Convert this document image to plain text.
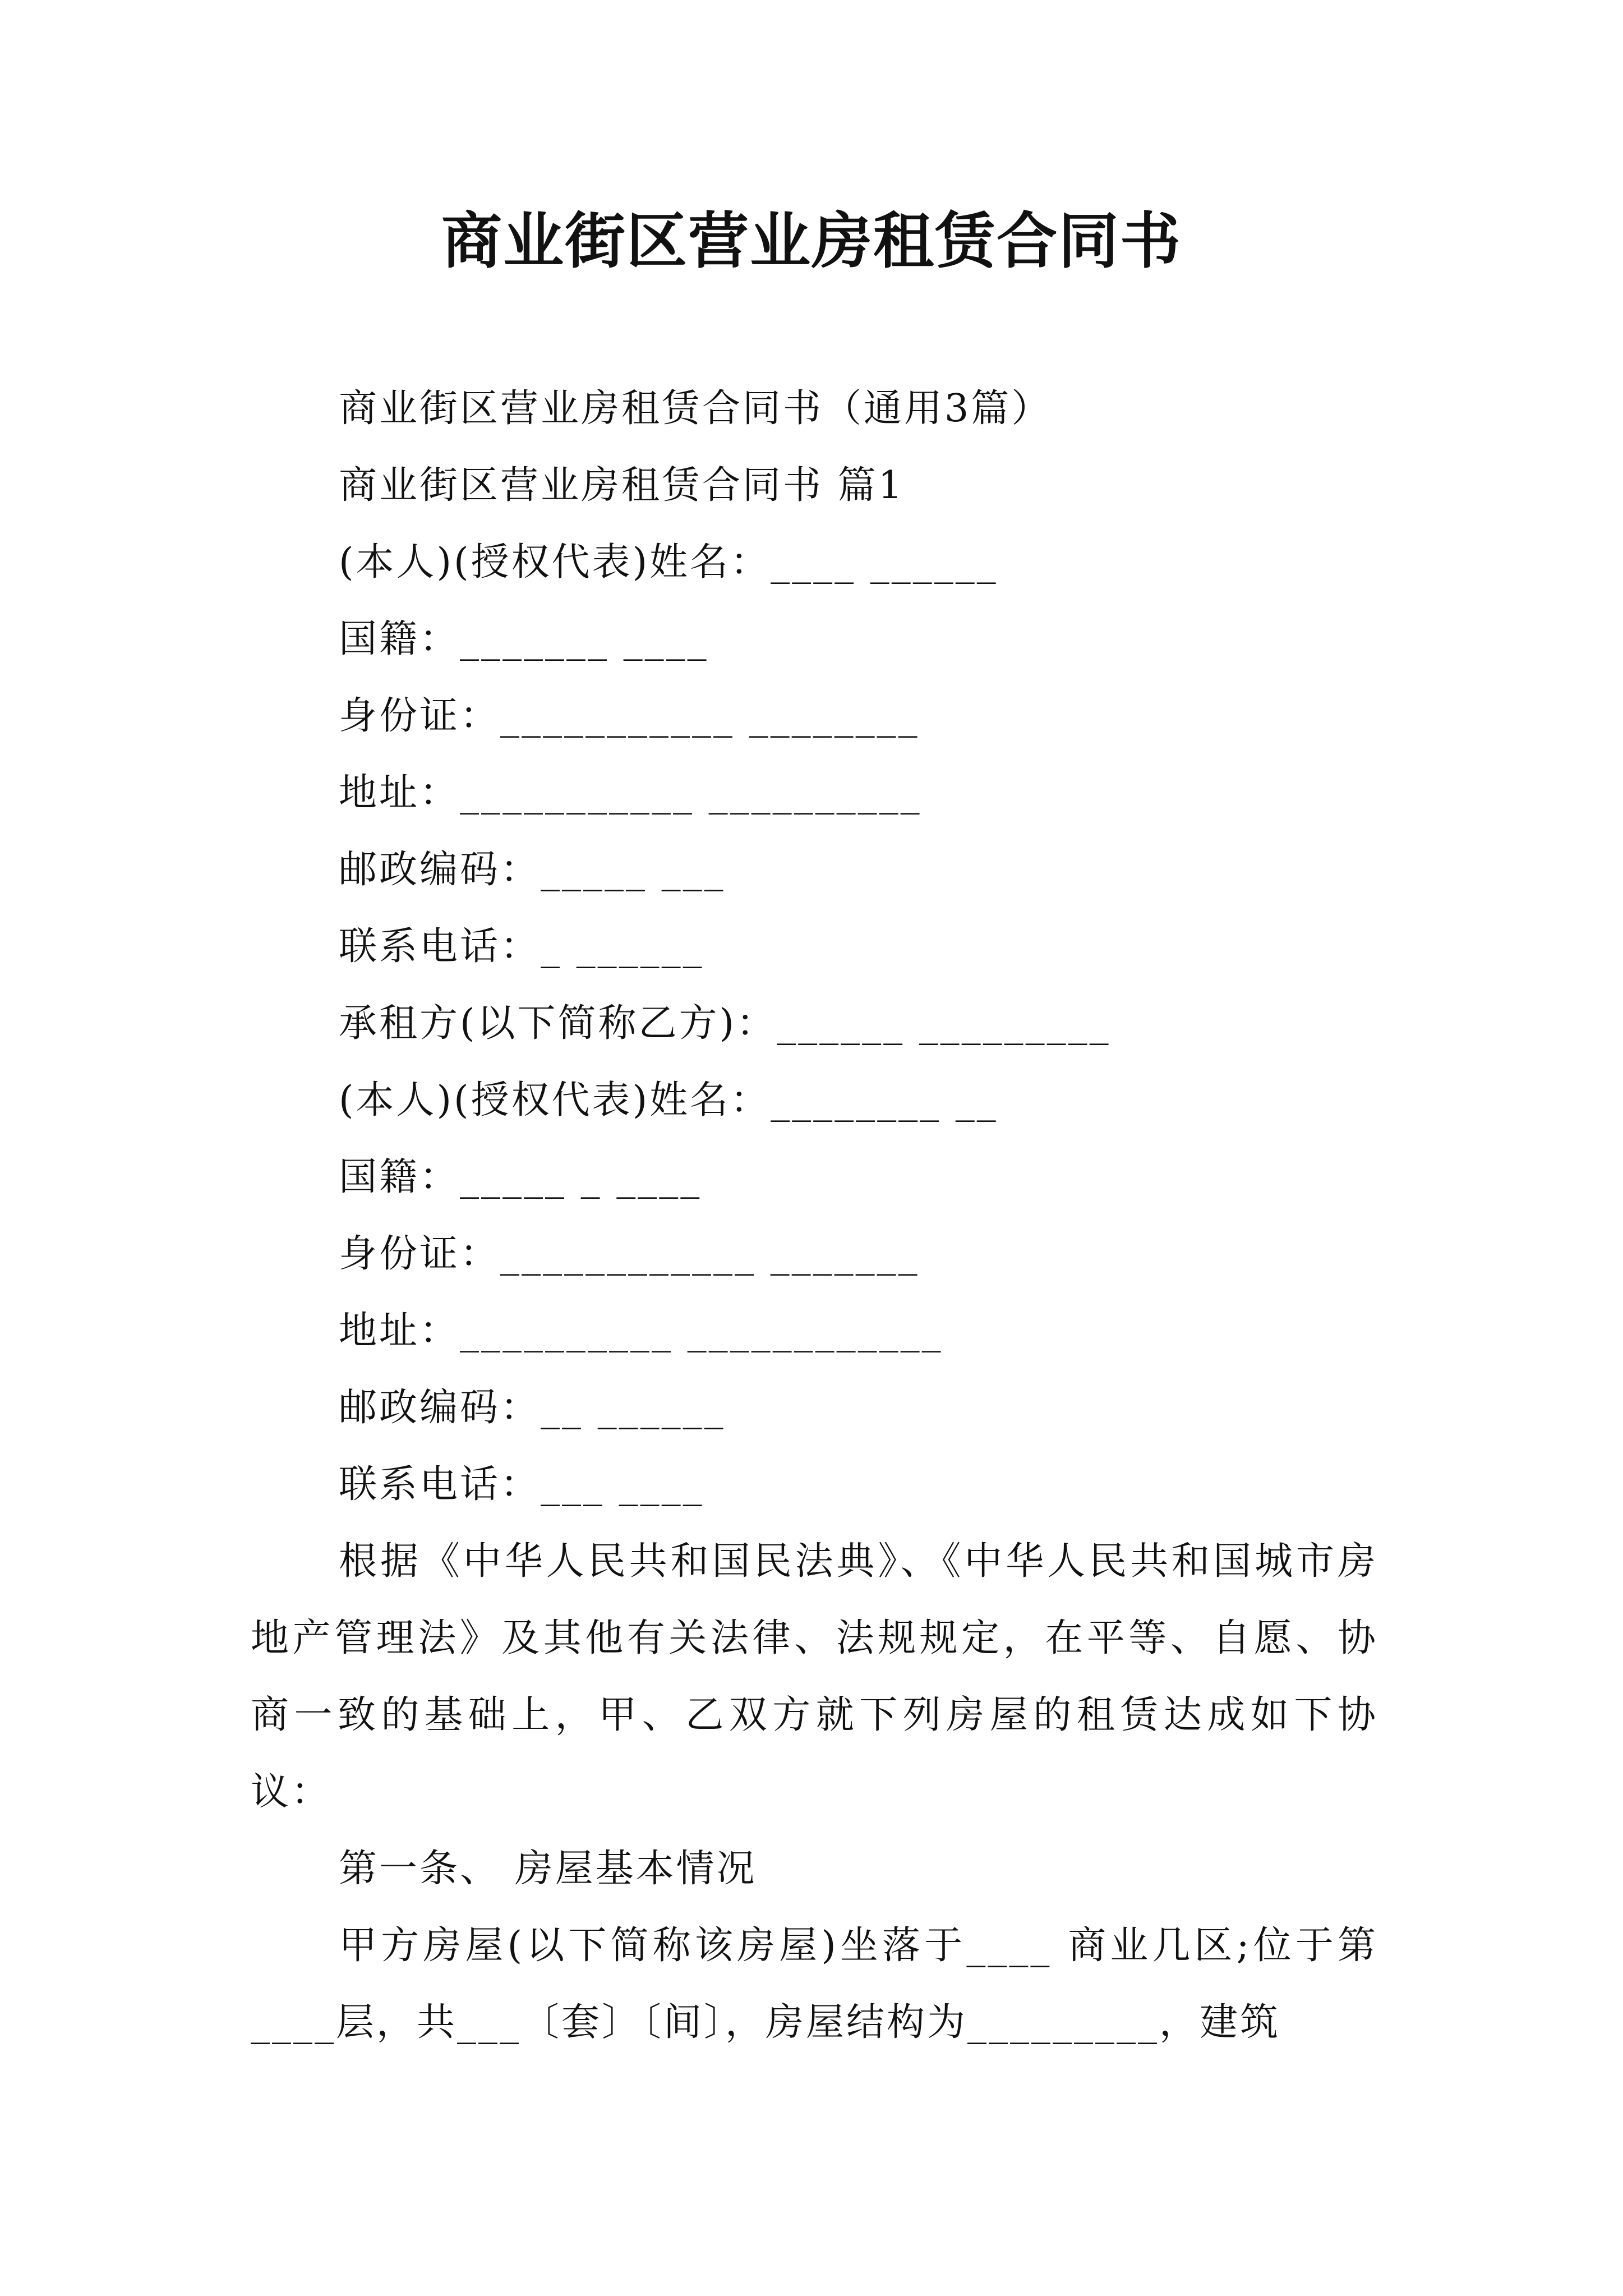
商业街区营业房租赁合同书
商业街区营业房租赁合同书（通用3篇）
商业街区营业房租赁合同书 篇1
(本人)(授权代表)姓名：____ ______
国籍：_______ ____
身份证：___________ ________
地址：___________ __________
邮政编码：_____ ___
联系电话：_ ______
承租方(以下简称乙方)：______ _________
(本人)(授权代表)姓名：________ __
国籍：_____ _ ____
身份证：____________ _______
地址：__________ ____________
邮政编码：__ ______
联系电话：___ ____
根据《中华人民共和国民法典》、《中华人民共和国城市房地产管理法》及其他有关法律、法规规定，在平等、自愿、协商一致的基础上，甲、乙双方就下列房屋的租赁达成如下协议：
第一条、 房屋基本情况
甲方房屋(以下简称该房屋)坐落于____ 商业几区;位于第____层，共___〔套〕〔间〕，房屋结构为_________，建筑
